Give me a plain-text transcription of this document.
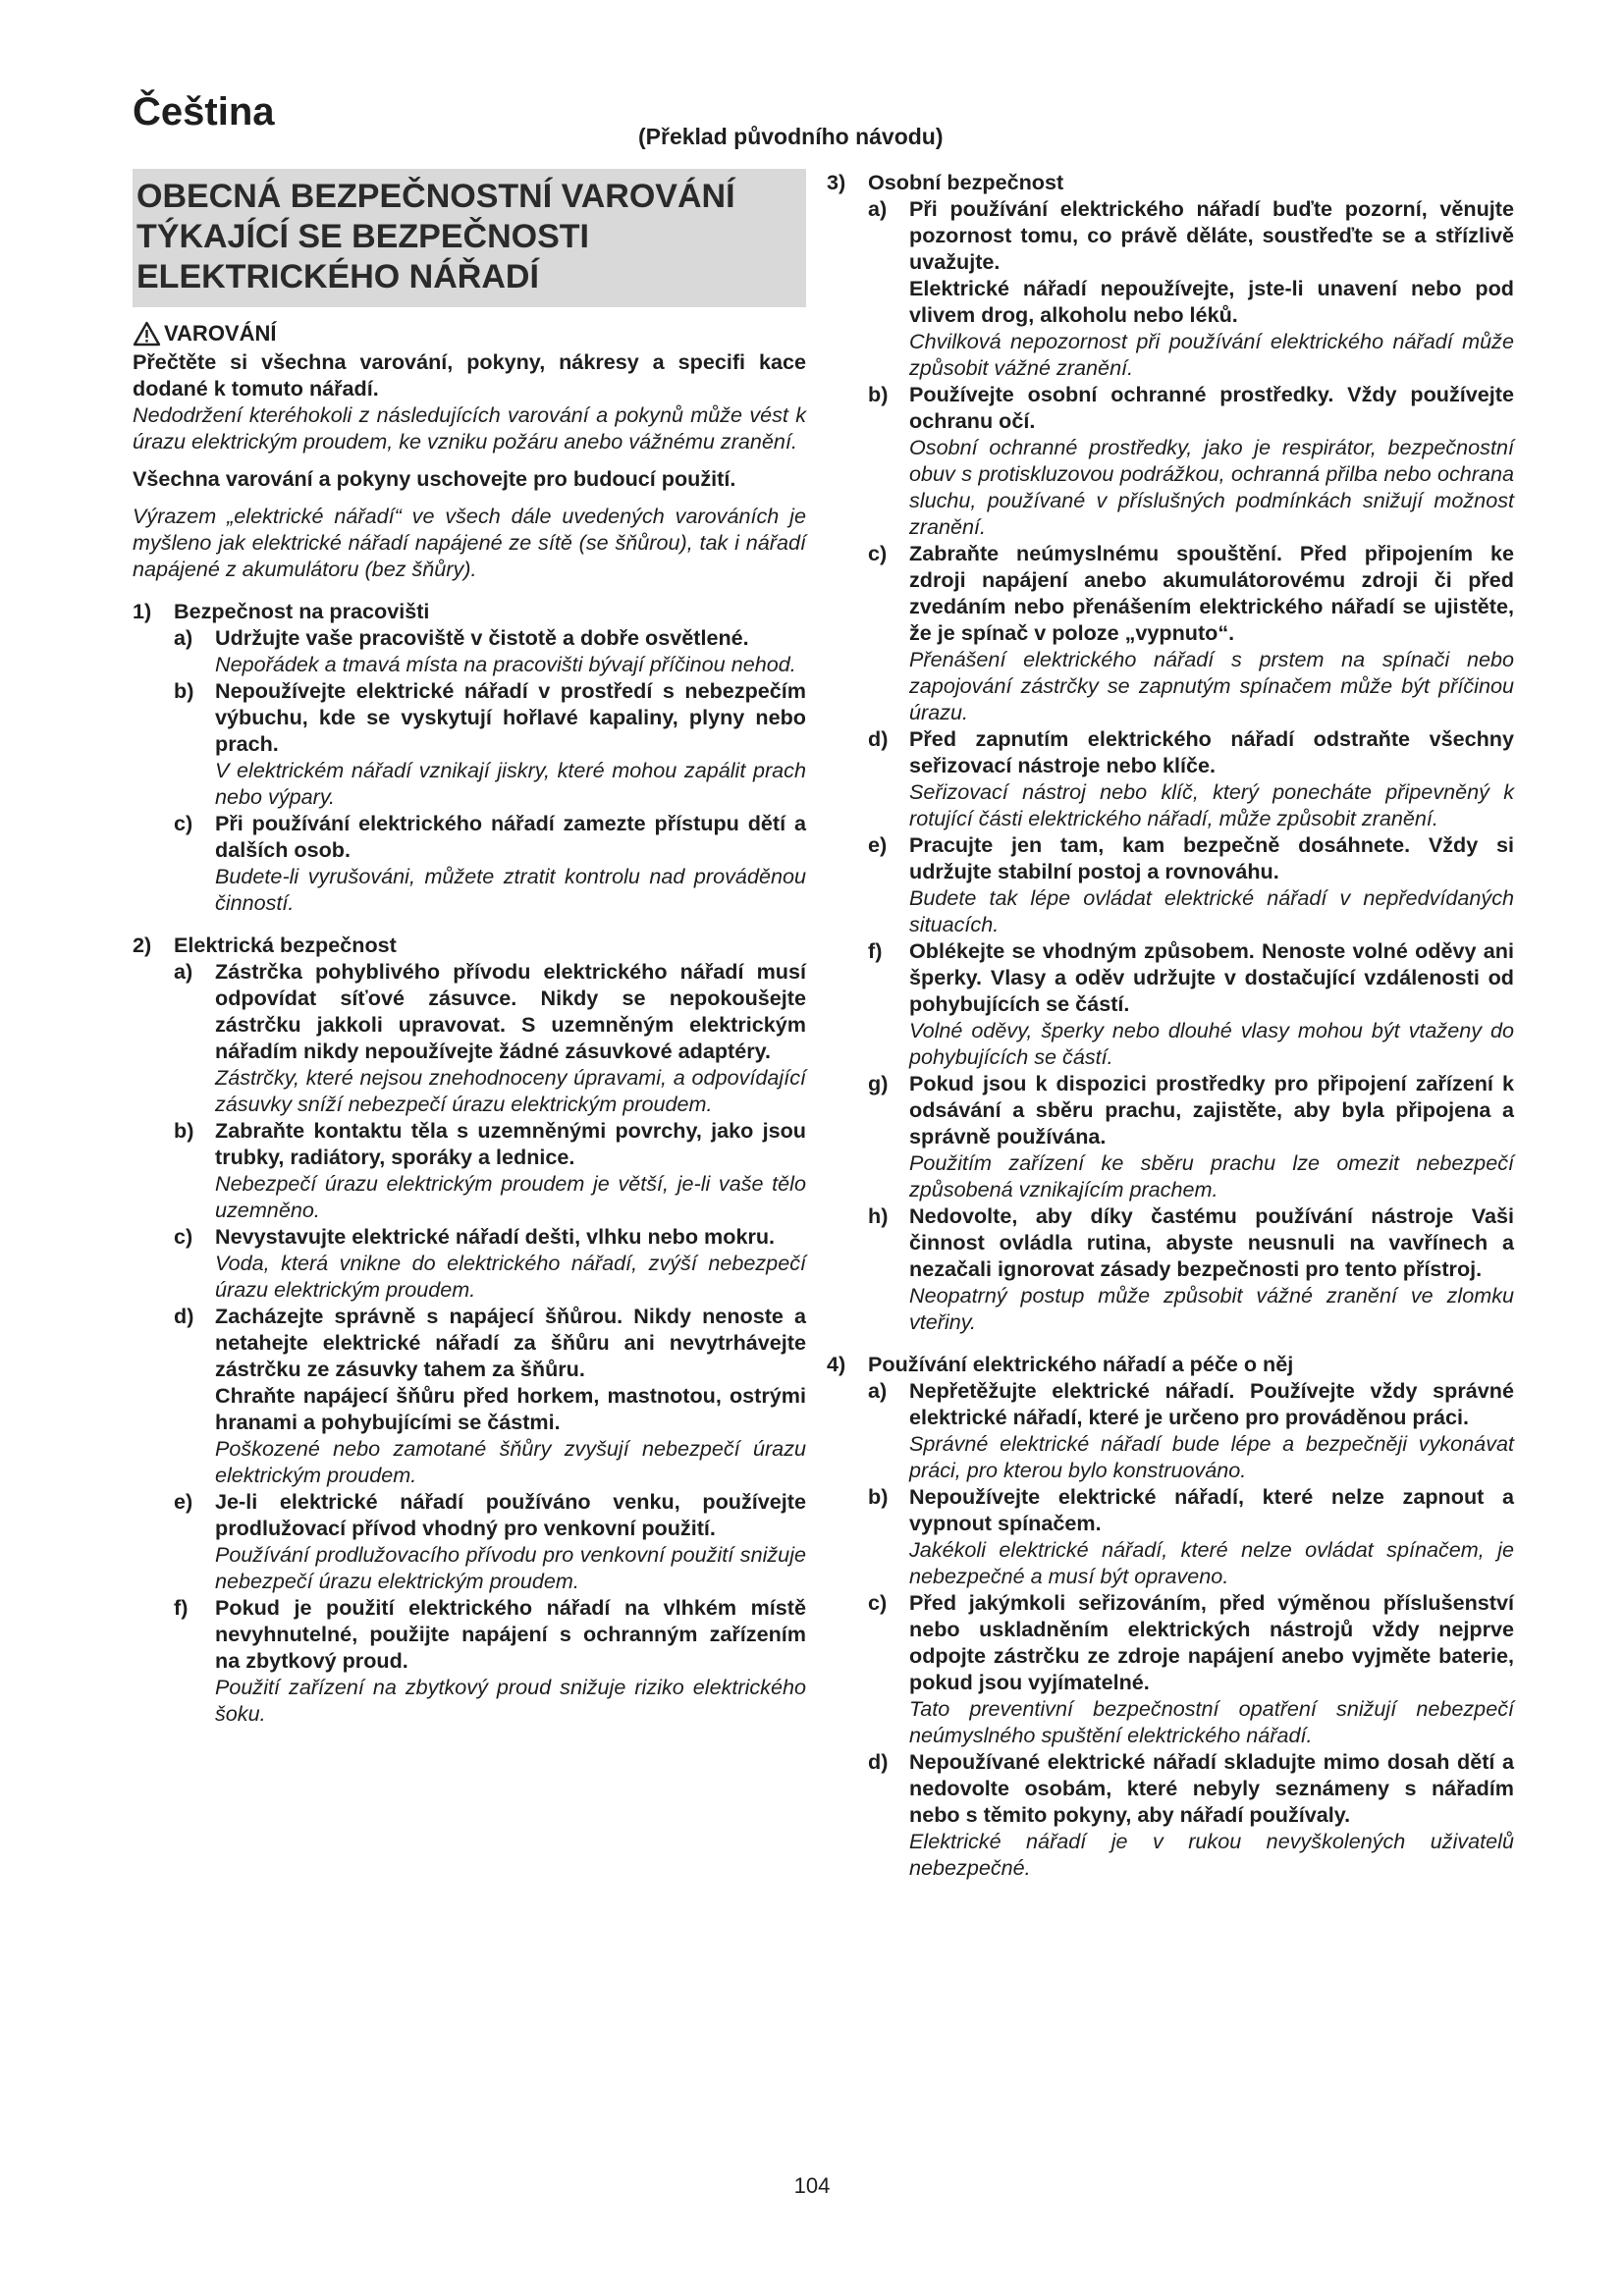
Čeština
(Překlad původního návodu)
OBECNÁ BEZPEČNOSTNÍ VAROVÁNÍ
TÝKAJÍCÍ SE BEZPEČNOSTI
ELEKTRICKÉHO NÁŘADÍ
VAROVÁNÍ

Přečtěte si všechna varování, pokyny, nákresy a specifi kace dodané k tomuto nářadí.

Nedodržení kteréhokoli z následujících varování a pokynů může vést k úrazu elektrickým proudem, ke vzniku požáru anebo vážnému zranění.

Všechna varování a pokyny uschovejte pro budoucí použití.

Výrazem „elektrické nářadí“ ve všech dále uvedených varováních je myšleno jak elektrické nářadí napájené ze sítě (se šňůrou), tak i nářadí napájené z akumulátoru (bez šňůry).

1)	Bezpečnost na pracovišti
a)	Udržujte vaše pracoviště v čistotě a dobře osvětlené.

Nepořádek a tmavá místa na pracovišti bývají příčinou nehod.

b)	Nepoužívejte elektrické nářadí v prostředí s nebezpečím výbuchu, kde se vyskytují hořlavé kapaliny, plyny nebo prach.

V elektrickém nářadí vznikají jiskry, které mohou zapálit prach nebo výpary.

c)	Při používání elektrického nářadí zamezte přístupu dětí a dalších osob.

Budete-li vyrušováni, můžete ztratit kontrolu nad prováděnou činností.

2)	Elektrická bezpečnost
a)	Zástrčka pohyblivého přívodu elektrického nářadí musí odpovídat síťové zásuvce. Nikdy se nepokoušejte zástrčku jakkoli upravovat. S uzemněným elektrickým nářadím nikdy nepoužívejte žádné zásuvkové adaptéry.

Zástrčky, které nejsou znehodnoceny úpravami, a odpovídající zásuvky sníží nebezpečí úrazu elektrickým proudem.

b)	Zabraňte kontaktu těla s uzemněnými povrchy, jako jsou trubky, radiátory, sporáky a lednice.

Nebezpečí úrazu elektrickým proudem je větší, je-li vaše tělo uzemněno.

c)	Nevystavujte elektrické nářadí dešti, vlhku nebo mokru.

Voda, která vnikne do elektrického nářadí, zvýší nebezpečí úrazu elektrickým proudem.

d)	Zacházejte správně s napájecí šňůrou. Nikdy nenoste a netahejte elektrické nářadí za šňůru ani nevytrhávejte zástrčku ze zásuvky tahem za šňůru.

Chraňte napájecí šňůru před horkem, mastnotou, ostrými hranami a pohybujícími se částmi.

Poškozené nebo zamotané šňůry zvyšují nebezpečí úrazu elektrickým proudem.

e)	Je-li elektrické nářadí používáno venku, používejte prodlužovací přívod vhodný pro venkovní použití.

Používání prodlužovacího přívodu pro venkovní použití snižuje nebezpečí úrazu elektrickým proudem.

f)	Pokud je použití elektrického nářadí na vlhkém místě nevyhnutelné, použijte napájení s ochranným zařízením na zbytkový proud.

Použití zařízení na zbytkový proud snižuje riziko elektrického šoku.

3)	Osobní bezpečnost
a)	Při používání elektrického nářadí buďte pozorní, věnujte pozornost tomu, co právě děláte, soustřeďte se a střízlivě uvažujte.

Elektrické nářadí nepoužívejte, jste-li unavení nebo pod vlivem drog, alkoholu nebo léků.

Chvilková nepozornost při používání elektrického nářadí může způsobit vážné zranění.

b)	Používejte osobní ochranné prostředky. Vždy používejte ochranu očí.

Osobní ochranné prostředky, jako je respirátor, bezpečnostní obuv s protiskluzovou podrážkou, ochranná přilba nebo ochrana sluchu, používané v příslušných podmínkách snižují možnost zranění.

c)	Zabraňte neúmyslnému spouštění. Před připojením ke zdroji napájení anebo akumulátorovému zdroji či před zvedáním nebo přenášením elektrického nářadí se ujistěte, že je spínač v poloze „vypnuto“.

Přenášení elektrického nářadí s prstem na spínači nebo zapojování zástrčky se zapnutým spínačem může být příčinou úrazu.

d)	Před zapnutím elektrického nářadí odstraňte všechny seřizovací nástroje nebo klíče.

Seřizovací nástroj nebo klíč, který ponecháte připevněný k rotující části elektrického nářadí, může způsobit zranění.

e)	Pracujte jen tam, kam bezpečně dosáhnete. Vždy si udržujte stabilní postoj a rovnováhu.

Budete tak lépe ovládat elektrické nářadí v nepředvídaných situacích.

f)	Oblékejte se vhodným způsobem. Nenoste volné oděvy ani šperky. Vlasy a oděv udržujte v dostačující vzdálenosti od pohybujících se částí.

Volné oděvy, šperky nebo dlouhé vlasy mohou být vtaženy do pohybujících se částí.

g)	Pokud jsou k dispozici prostředky pro připojení zařízení k odsávání a sběru prachu, zajistěte, aby byla připojena a správně používána.

Použitím zařízení ke sběru prachu lze omezit nebezpečí způsobená vznikajícím prachem.

h)	Nedovolte, aby díky častému používání nástroje Vaši činnost ovládla rutina, abyste neusnuli na vavřínech a nezačali ignorovat zásady bezpečnosti pro tento přístroj.

Neopatrný postup může způsobit vážné zranění ve zlomku vteřiny.

4)	Používání elektrického nářadí a péče o něj
a)	Nepřetěžujte elektrické nářadí. Používejte vždy správné elektrické nářadí, které je určeno pro prováděnou práci.

Správné elektrické nářadí bude lépe a bezpečněji vykonávat práci, pro kterou bylo konstruováno.

b)	Nepoužívejte elektrické nářadí, které nelze zapnout a vypnout spínačem.

Jakékoli elektrické nářadí, které nelze ovládat spínačem, je nebezpečné a musí být opraveno.

c)	Před jakýmkoli seřizováním, před výměnou příslušenství nebo uskladněním elektrických nástrojů vždy nejprve odpojte zástrčku ze zdroje napájení anebo vyjměte baterie, pokud jsou vyjímatelné.

Tato preventivní bezpečnostní opatření snižují nebezpečí neúmyslného spuštění elektrického nářadí.

d)	Nepoužívané elektrické nářadí skladujte mimo dosah dětí a nedovolte osobám, které nebyly seznámeny s nářadím nebo s těmito pokyny, aby nářadí používaly.

Elektrické nářadí je v rukou nevyškolených uživatelů nebezpečné.

104
